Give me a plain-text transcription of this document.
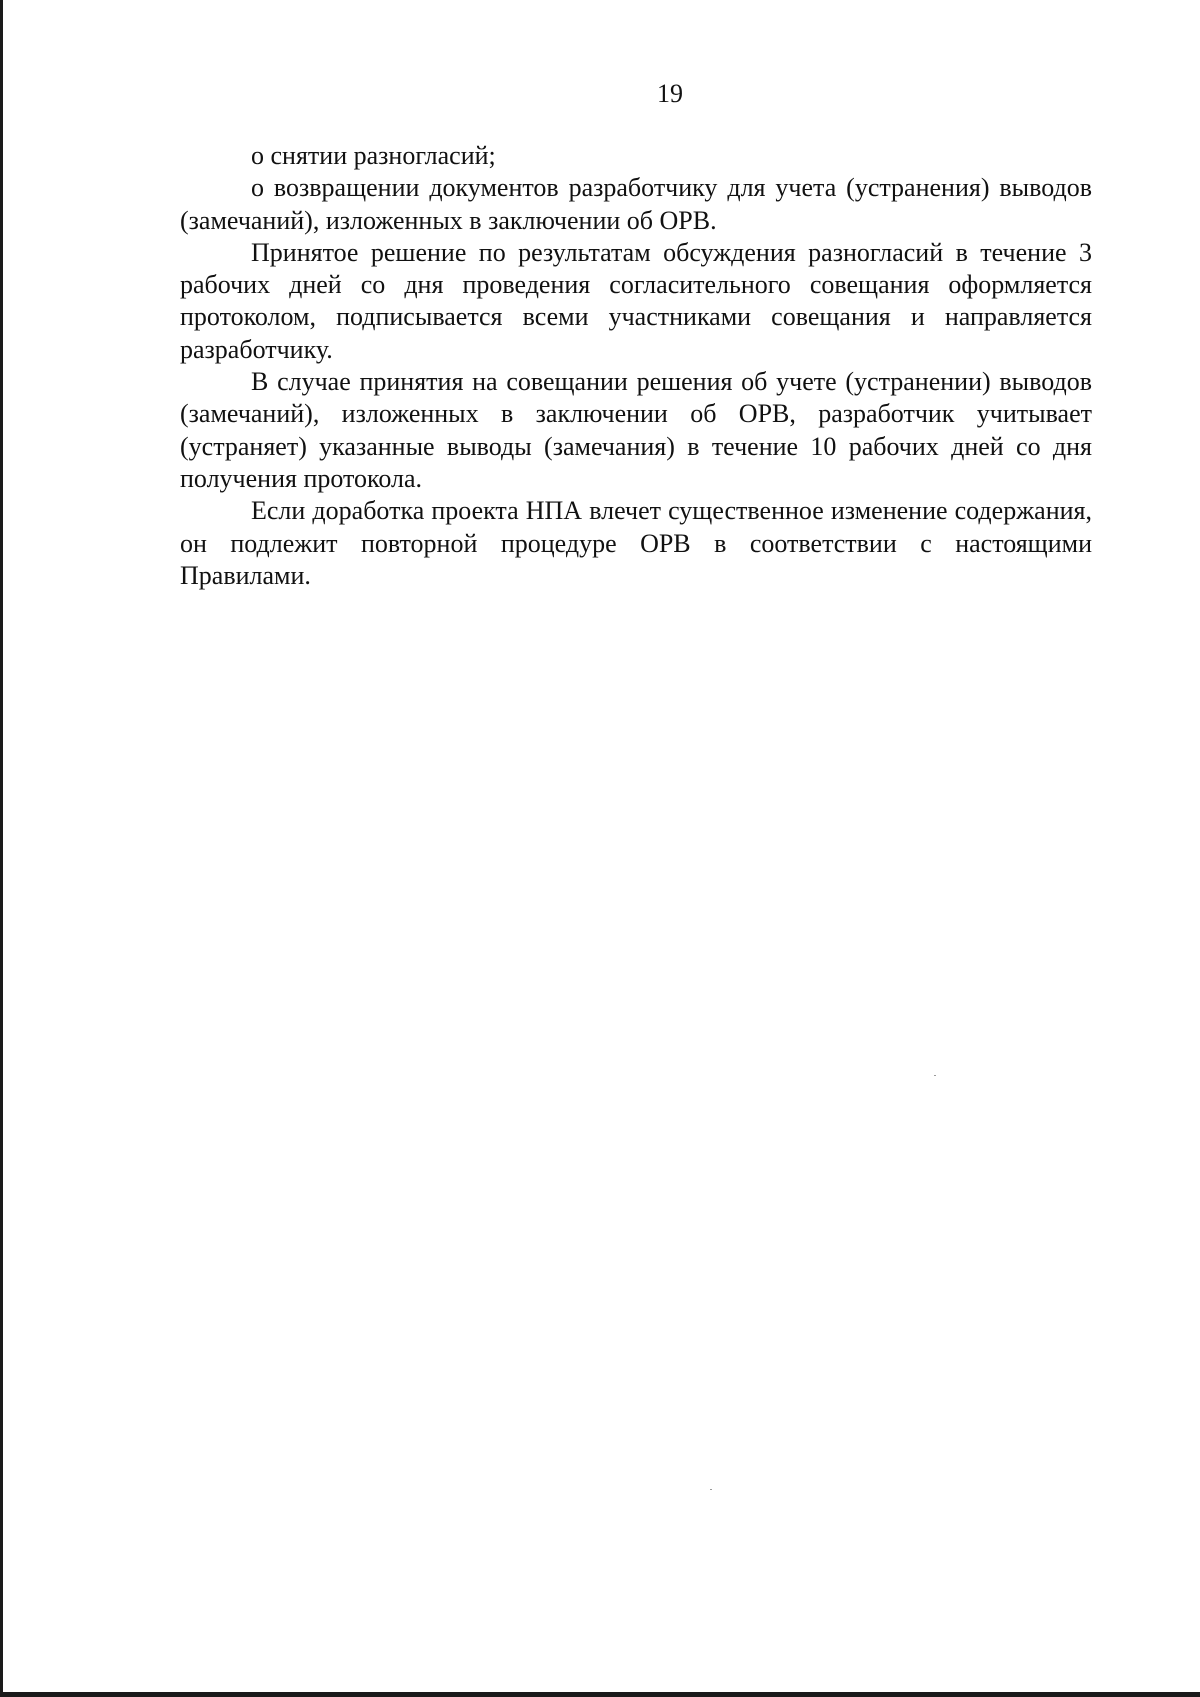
19

о снятии разногласий;

о возвращении документов разработчику для учета (устранения) выводов (замечаний), изложенных в заключении об ОРВ.

Принятое решение по результатам обсуждения разногласий в течение 3 рабочих дней со дня проведения согласительного совещания оформляется протоколом, подписывается всеми участниками совещания и направляется разработчику.

В случае принятия на совещании решения об учете (устранении) выводов (замечаний), изложенных в заключении об ОРВ, разработчик учитывает (устраняет) указанные выводы (замечания) в течение 10 рабочих дней со дня получения протокола.

Если доработка проекта НПА влечет существенное изменение содержания, он подлежит повторной процедуре ОРВ в соответствии с настоящими Правилами.
